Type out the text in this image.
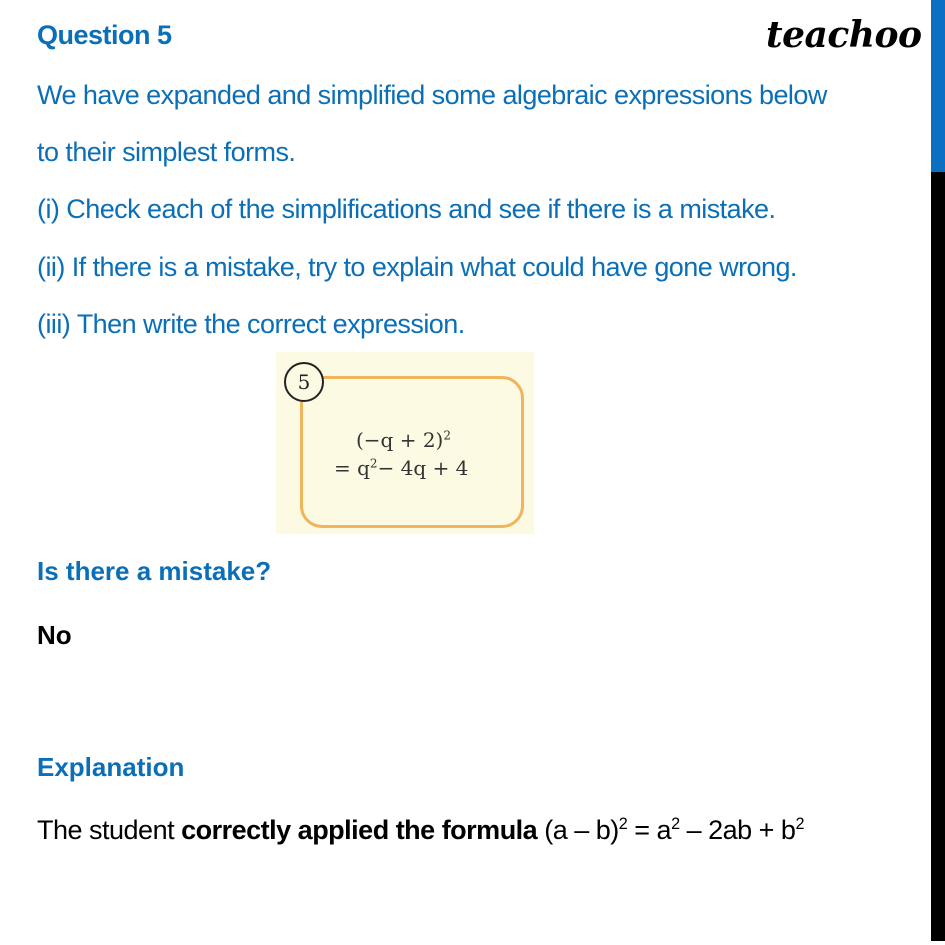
Question 5	teachoo
We have expanded and simplified some algebraic expressions below
to their simplest forms.
(i) Check each of the simplifications and see if there is a mistake.
(ii) If there is a mistake, try to explain what could have gone wrong.
(iii) Then write the correct expression.
5
$(-q + 2)^2$
= $q^2- 4q + 4$
Is there a mistake?
No
Explanation
The student correctly applied the formula $(a - b)^2 = a^2 - 2ab + b^2$
